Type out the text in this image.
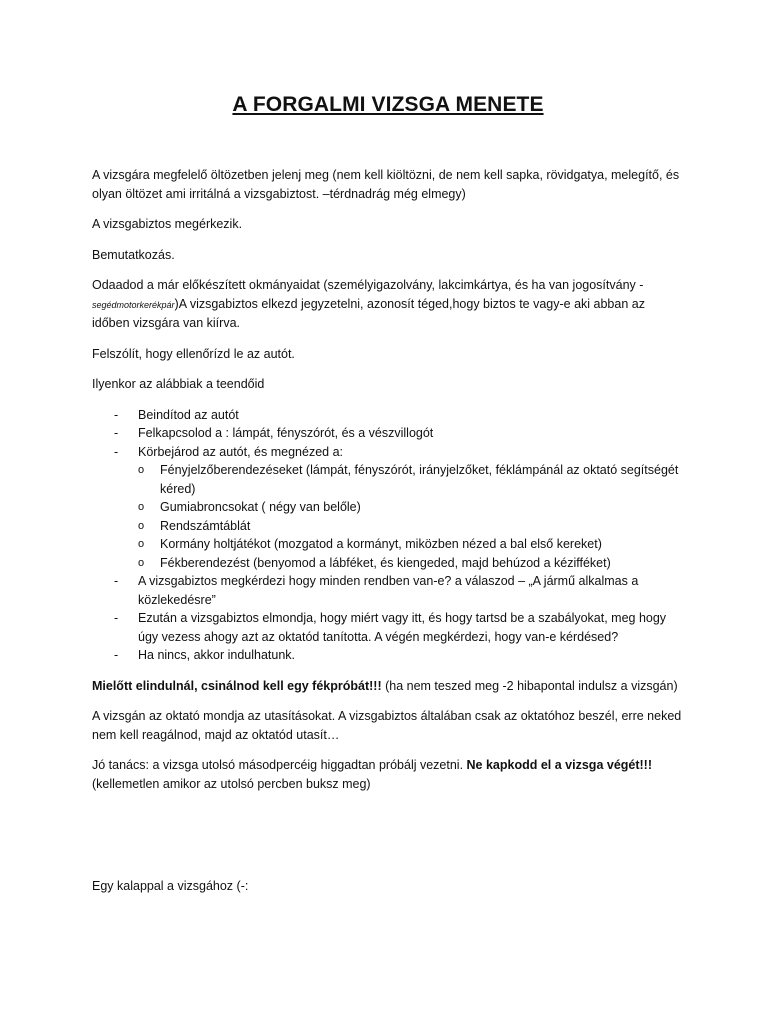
A FORGALMI VIZSGA MENETE

A vizsgára megfelelő öltözetben jelenj meg (nem kell kiöltözni, de nem kell sapka, rövidgatya, melegítő, és olyan öltözet ami irritálná a vizsgabiztost. –térdnadrág még elmegy)

A vizsgabiztos megérkezik.

Bemutatkozás.

Odaadod a már előkészített okmányaidat (személyigazolvány, lakcimkártya, és ha van jogosítvány - segédmotorkerékpár)A vizsgabiztos elkezd jegyzetelni, azonosít téged,hogy biztos te vagy-e aki abban az időben vizsgára van kiírva.

Felszólít, hogy ellenőrízd le az autót.

Ilyenkor az alábbiak a teendőid

- Beindítod az autót
- Felkapcsolod a : lámpát, fényszórót, és a vészvillogót
- Körbejárod az autót, és megnézed a:
o Fényjelzőberendezéseket (lámpát, fényszórót, irányjelzőket, féklámpánál az oktató segítségét kéred)
o Gumiabroncsokat ( négy van belőle)
o Rendszámtáblát
o Kormány holtjátékot (mozgatod a kormányt, miközben nézed a bal első kereket)
o Fékberendezést (benyomod a lábféket, és kiengeded, majd behúzod a kézifféket)
- A vizsgabiztos megkérdezi hogy minden rendben van-e? a válaszod – „A jármű alkalmas a közlekedésre”
- Ezután a vizsgabiztos elmondja, hogy miért vagy itt, és hogy tartsd be a szabályokat, meg hogy úgy vezess ahogy azt az oktatód tanította. A végén megkérdezi, hogy van-e kérdésed?
- Ha nincs, akkor indulhatunk.

Mielőtt elindulnál, csinálnod kell egy fékpróbát!!! (ha nem teszed meg -2 hibapontal indulsz a vizsgán)

A vizsgán az oktató mondja az utasításokat. A vizsgabiztos általában csak az oktatóhoz beszél, erre neked nem kell reagálnod, majd az oktatód utasít…

Jó tanács: a vizsga utolsó másodpercéig higgadtan próbálj vezetni. Ne kapkodd el a vizsga végét!!! (kellemetlen amikor az utolsó percben buksz meg)

Egy kalappal a vizsgához (-:
